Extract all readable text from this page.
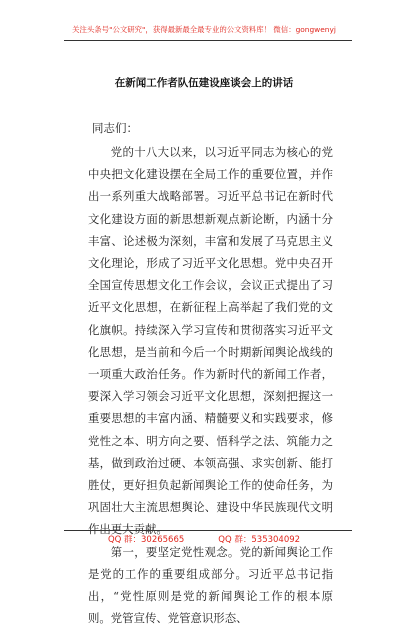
关注头条号"公文研究"，获得最新最全最专业的公文资料库！ 微信：gongwenyj
在新闻工作者队伍建设座谈会上的讲话
同志们：

党的十八大以来，以习近平同志为核心的党中央把文化建设摆在全局工作的重要位置，并作出一系列重大战略部署。习近平总书记在新时代文化建设方面的新思想新观点新论断，内涵十分丰富、论述极为深刻，丰富和发展了马克思主义文化理论，形成了习近平文化思想。党中央召开全国宣传思想文化工作会议，会议正式提出了习近平文化思想，在新征程上高举起了我们党的文化旗帜。持续深入学习宣传和贯彻落实习近平文化思想，是当前和今后一个时期新闻舆论战线的一项重大政治任务。作为新时代的新闻工作者，要深入学习领会习近平文化思想，深刻把握这一重要思想的丰富内涵、精髓要义和实践要求，修党性之本、明方向之要、悟科学之法、筑能力之基，做到政治过硬、本领高强、求实创新、能打胜仗，更好担负起新闻舆论工作的使命任务，为巩固壮大主流思想舆论、建设中华民族现代文明作出更大贡献。

第一，要坚定党性观念。党的新闻舆论工作是党的工作的重要组成部分。习近平总书记指出，“党性原则是党的新闻舆论工作的根本原则。党管宣传、党管意识形态、

QQ 群：30265665	QQ 群：535304092
